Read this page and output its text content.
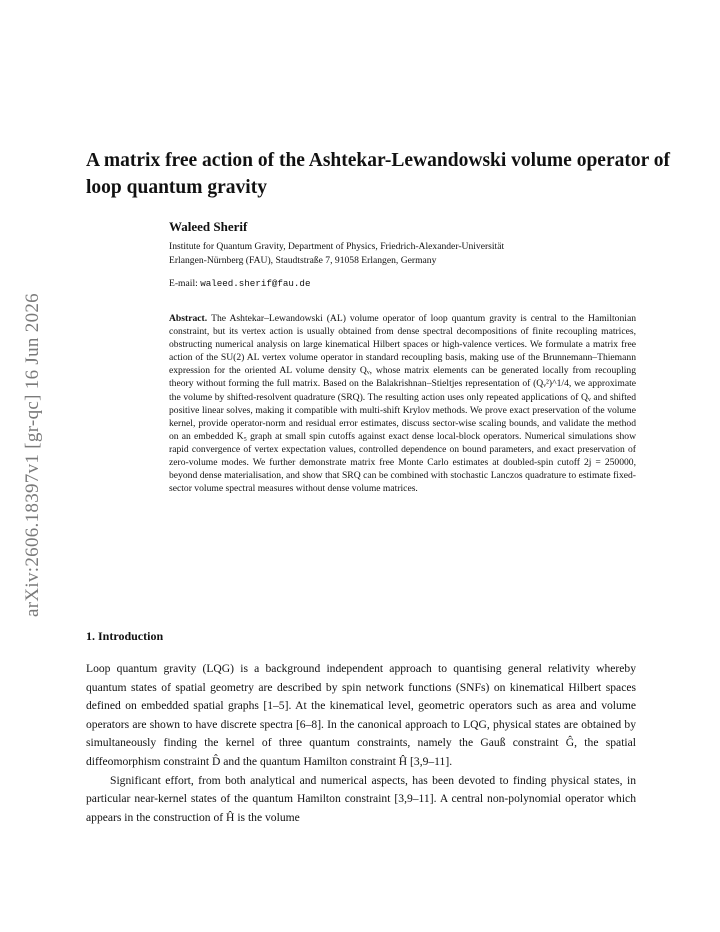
arXiv:2606.18397v1 [gr-qc] 16 Jun 2026
A matrix free action of the Ashtekar-Lewandowski volume operator of loop quantum gravity

Waleed Sherif

Institute for Quantum Gravity, Department of Physics, Friedrich-Alexander-Universität

Erlangen-Nürnberg (FAU), Staudtstraße 7, 91058 Erlangen, Germany

E-mail: waleed.sherif@fau.de

Abstract. The Ashtekar–Lewandowski (AL) volume operator of loop quantum gravity is central to the Hamiltonian constraint, but its vertex action is usually obtained from dense spectral decompositions of finite recoupling matrices, obstructing numerical analysis on large kinematical Hilbert spaces or high-valence vertices. We formulate a matrix free action of the SU(2) AL vertex volume operator in standard recoupling basis, making use of the Brunnemann–Thiemann expression for the oriented AL volume density Qᵥ, whose matrix elements can be generated locally from recoupling theory without forming the full matrix. Based on the Balakrishnan–Stieltjes representation of (Qᵥ²)^1/4, we approximate the volume by shifted-resolvent quadrature (SRQ). The resulting action uses only repeated applications of Qᵥ and shifted positive linear solves, making it compatible with multi-shift Krylov methods. We prove exact preservation of the volume kernel, provide operator-norm and residual error estimates, discuss sector-wise scaling bounds, and validate the method on an embedded K₅ graph at small spin cutoffs against exact dense local-block operators. Numerical simulations show rapid convergence of vertex expectation values, controlled dependence on bound parameters, and exact preservation of zero-volume modes. We further demonstrate matrix free Monte Carlo estimates at doubled-spin cutoff 2j = 250000, beyond dense materialisation, and show that SRQ can be combined with stochastic Lanczos quadrature to estimate fixed-sector volume spectral measures without dense volume matrices.

1. Introduction

Loop quantum gravity (LQG) is a background independent approach to quantising general relativity whereby quantum states of spatial geometry are described by spin network functions (SNFs) on kinematical Hilbert spaces defined on embedded spatial graphs [1–5]. At the kinematical level, geometric operators such as area and volume operators are shown to have discrete spectra [6–8]. In the canonical approach to LQG, physical states are obtained by simultaneously finding the kernel of three quantum constraints, namely the Gauß constraint Ĝ, the spatial diffeomorphism constraint D̂ and the quantum Hamilton constraint Ĥ [3,9–11].

Significant effort, from both analytical and numerical aspects, has been devoted to finding physical states, in particular near-kernel states of the quantum Hamilton constraint [3,9–11]. A central non-polynomial operator which appears in the construction of Ĥ is the volume
